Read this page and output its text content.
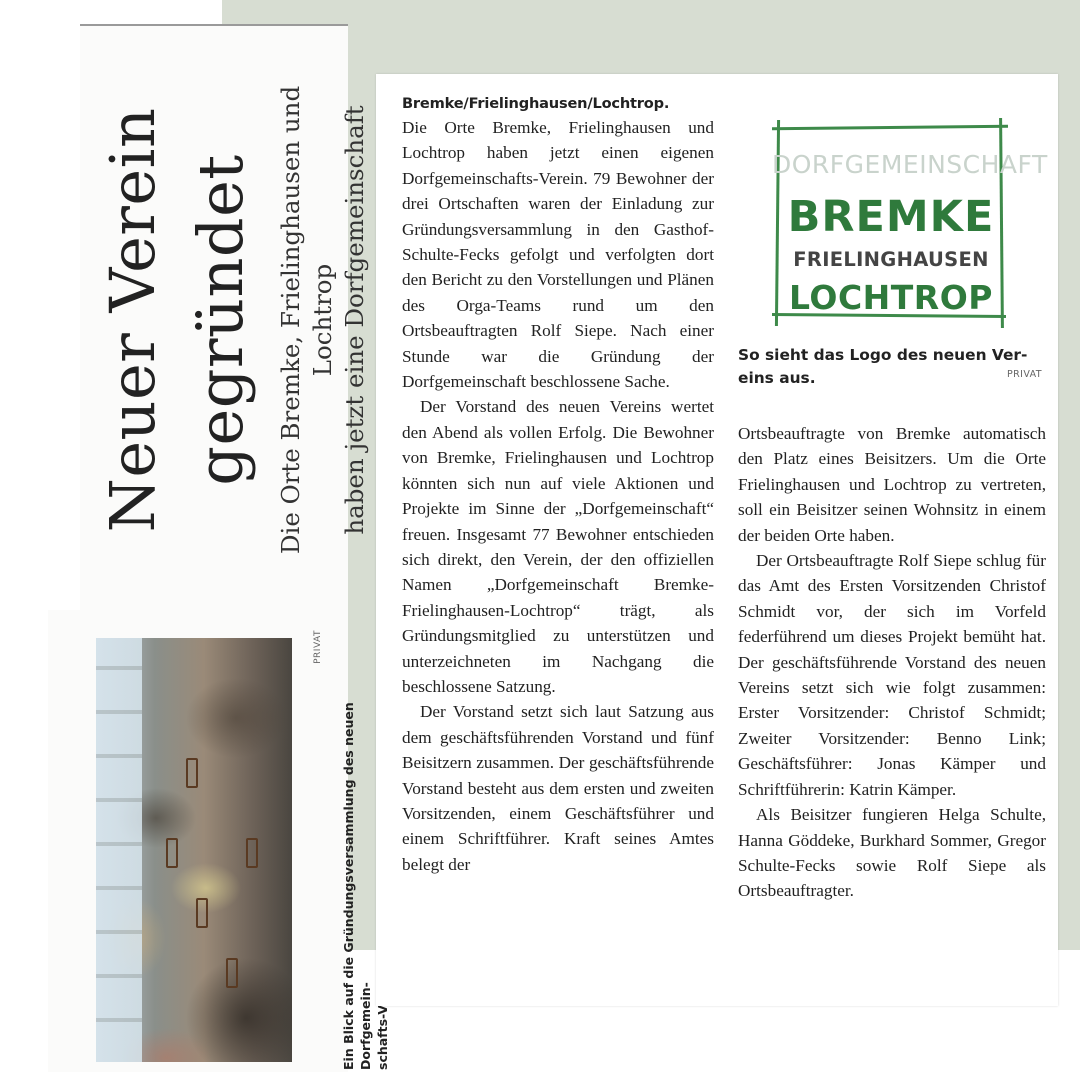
Neuer Verein gegründet Die Orte Bremke, Frielinghausen und Lochtrop haben jetzt eine Dorfgemeinschaft
PRIVAT
Ein Blick auf die Gründungsversammlung des neuen Dorfgemein-

Bremke/Frielinghausen/Lochtrop.

Die Orte Bremke, Frielinghausen und Lochtrop haben jetzt einen eigenen Dorfgemeinschafts-Verein. 79 Bewohner der drei Ortschaften waren der Einladung zur Gründungsversammlung in den Gasthof-Schulte-Fecks gefolgt und verfolgten dort den Bericht zu den Vorstellungen und Plänen des Orga-Teams rund um den Ortsbeauftragten Rolf Siepe. Nach einer Stunde war die Gründung der Dorfgemeinschaft beschlossene Sache.

Der Vorstand des neuen Vereins wertet den Abend als vollen Erfolg. Die Bewohner von Bremke, Frielinghausen und Lochtrop könnten sich nun auf viele Aktionen und Projekte im Sinne der „Dorfgemeinschaft“ freuen. Insgesamt 77 Bewohner entschieden sich direkt, den Verein, der den offiziellen Namen „Dorfgemeinschaft Bremke-Frielinghausen-Lochtrop“ trägt, als Gründungsmitglied zu unterstützen und unterzeichneten im Nachgang die beschlossene Satzung.

Der Vorstand setzt sich laut Satzung aus dem geschäftsführenden Vorstand und fünf Beisitzern zusammen. Der geschäftsführende Vorstand besteht aus dem ersten und zweiten Vorsitzenden, einem Geschäftsführer und einem Schriftführer. Kraft seines Amtes belegt der

DORFGEMEINSCHAFT
BREMKE
FRIELINGHAUSEN
LOCHTROP
So sieht das Logo des neuen Ver-
eins aus.	PRIVAT

Ortsbeauftragte von Bremke automatisch den Platz eines Beisitzers. Um die Orte Frielinghausen und Lochtrop zu vertreten, soll ein Beisitzer seinen Wohnsitz in einem der beiden Orte haben.

Der Ortsbeauftragte Rolf Siepe schlug für das Amt des Ersten Vorsitzenden Christof Schmidt vor, der sich im Vorfeld federführend um dieses Projekt bemüht hat. Der geschäftsführende Vorstand des neuen Vereins setzt sich wie folgt zusammen: Erster Vorsitzender: Christof Schmidt; Zweiter Vorsitzender: Benno Link; Geschäftsführer: Jonas Kämper und Schriftführerin: Katrin Kämper.

Als Beisitzer fungieren Helga Schulte, Hanna Göddeke, Burkhard Sommer, Gregor Schulte-Fecks sowie Rolf Siepe als Ortsbeauftragter.
